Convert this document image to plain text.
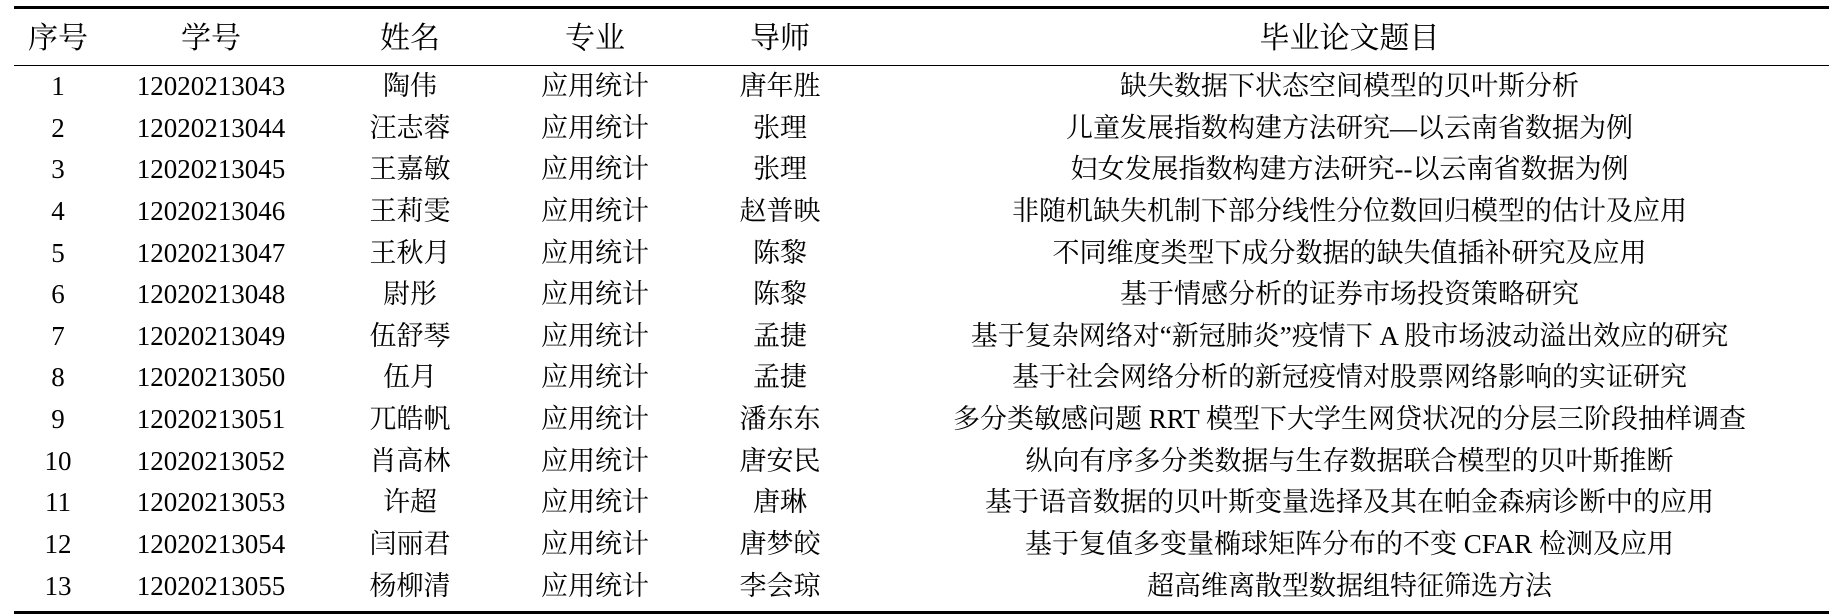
序号	学号	姓名	专业	导师	毕业论文题目
1	12020213043	陶伟	应用统计	唐年胜	缺失数据下状态空间模型的贝叶斯分析
2	12020213044	汪志蓉	应用统计	张理	儿童发展指数构建方法研究—以云南省数据为例
3	12020213045	王嘉敏	应用统计	张理	妇女发展指数构建方法研究--以云南省数据为例
4	12020213046	王莉雯	应用统计	赵普映	非随机缺失机制下部分线性分位数回归模型的估计及应用
5	12020213047	王秋月	应用统计	陈黎	不同维度类型下成分数据的缺失值插补研究及应用
6	12020213048	尉彤	应用统计	陈黎	基于情感分析的证券市场投资策略研究
7	12020213049	伍舒琴	应用统计	孟捷	基于复杂网络对“新冠肺炎”疫情下 A 股市场波动溢出效应的研究
8	12020213050	伍月	应用统计	孟捷	基于社会网络分析的新冠疫情对股票网络影响的实证研究
9	12020213051	兀皓帆	应用统计	潘东东	多分类敏感问题 RRT 模型下大学生网贷状况的分层三阶段抽样调查
10	12020213052	肖高林	应用统计	唐安民	纵向有序多分类数据与生存数据联合模型的贝叶斯推断
11	12020213053	许超	应用统计	唐琳	基于语音数据的贝叶斯变量选择及其在帕金森病诊断中的应用
12	12020213054	闫丽君	应用统计	唐梦皎	基于复值多变量椭球矩阵分布的不变 CFAR 检测及应用
13	12020213055	杨柳清	应用统计	李会琼	超高维离散型数据组特征筛选方法
